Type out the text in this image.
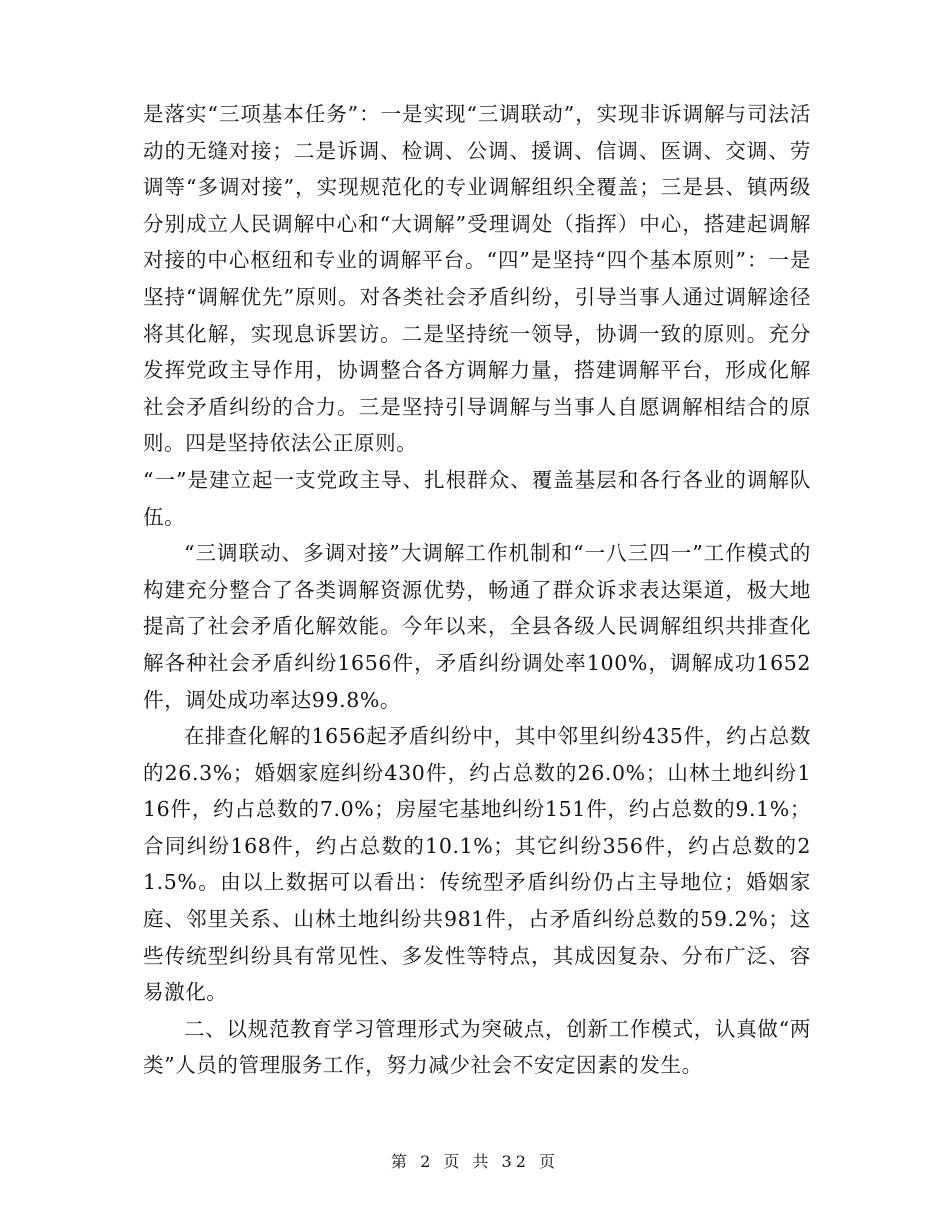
是落实“三项基本任务”：一是实现“三调联动”，实现非诉调解与司法活动的无缝对接；二是诉调、检调、公调、援调、信调、医调、交调、劳调等“多调对接”，实现规范化的专业调解组织全覆盖；三是县、镇两级分别成立人民调解中心和“大调解”受理调处（指挥）中心，搭建起调解对接的中心枢纽和专业的调解平台。“四”是坚持“四个基本原则”：一是坚持“调解优先”原则。对各类社会矛盾纠纷，引导当事人通过调解途径将其化解，实现息诉罢访。二是坚持统一领导，协调一致的原则。充分发挥党政主导作用，协调整合各方调解力量，搭建调解平台，形成化解社会矛盾纠纷的合力。三是坚持引导调解与当事人自愿调解相结合的原则。四是坚持依法公正原则。

“一”是建立起一支党政主导、扎根群众、覆盖基层和各行各业的调解队伍。

“三调联动、多调对接”大调解工作机制和“一八三四一”工作模式的构建充分整合了各类调解资源优势，畅通了群众诉求表达渠道，极大地提高了社会矛盾化解效能。今年以来，全县各级人民调解组织共排查化解各种社会矛盾纠纷1656件，矛盾纠纷调处率100%，调解成功1652件，调处成功率达99.8%。

在排查化解的1656起矛盾纠纷中，其中邻里纠纷435件，约占总数的26.3%；婚姻家庭纠纷430件，约占总数的26.0%；山林土地纠纷116件，约占总数的7.0%；房屋宅基地纠纷151件，约占总数的9.1%；合同纠纷168件，约占总数的10.1%；其它纠纷356件，约占总数的21.5%。由以上数据可以看出：传统型矛盾纠纷仍占主导地位；婚姻家庭、邻里关系、山林土地纠纷共981件，占矛盾纠纷总数的59.2%；这些传统型纠纷具有常见性、多发性等特点，其成因复杂、分布广泛、容易激化。

二、以规范教育学习管理形式为突破点，创新工作模式，认真做“两类”人员的管理服务工作，努力减少社会不安定因素的发生。

第 2 页 共 32 页
